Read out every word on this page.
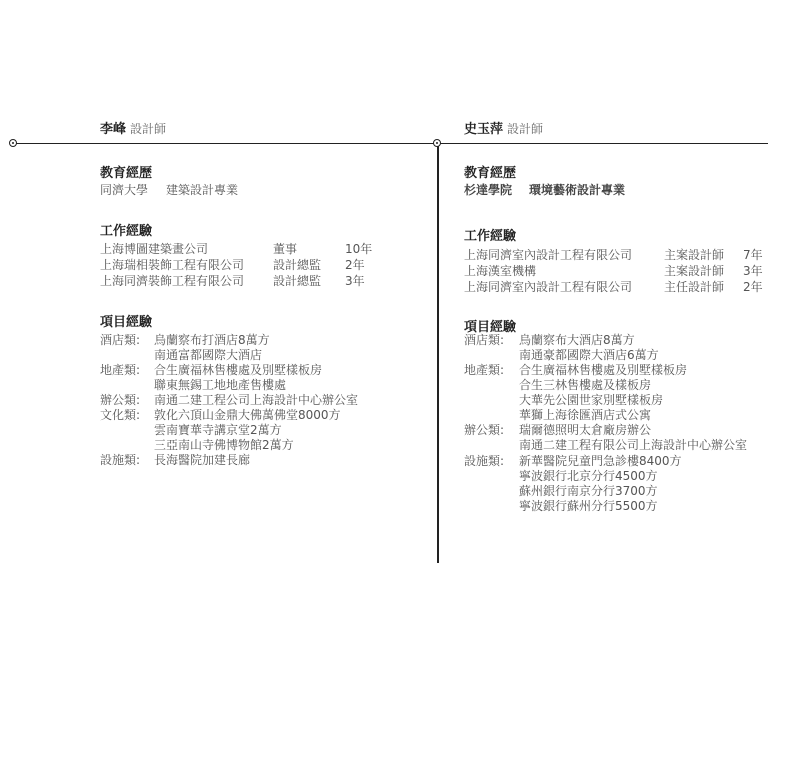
李峰 設計師
教育經歷
同濟大學 建築設計專業
工作經驗
上海博圖建築畫公司	董事	10年
上海瑞相裝飾工程有限公司 設計總監 2年
上海同濟裝飾工程有限公司 設計總監 3年
項目經驗
酒店類: 烏蘭察布打酒店8萬方
南通富都國際大酒店
地產類: 合生廣福林售樓處及別墅樣板房
聯東無錫工地地產售樓處
辦公類: 南通二建工程公司上海設計中心辦公室
文化類: 敦化六頂山金鼎大佛萬佛堂8000方
雲南寶華寺講京堂2萬方
三亞南山寺佛博物館2萬方
設施類: 長海醫院加建長廊
史玉萍 設計師
教育經歷
杉達學院 環境藝術設計專業
工作經驗
上海同濟室內設計工程有限公司	主案設計師 7年
上海漢室機構	主案設計師 3年
上海同濟室內設計工程有限公司	主任設計師 2年
項目經驗
酒店類: 烏蘭察布大酒店8萬方
南通豪都國際大酒店6萬方
地產類: 合生廣福林售樓處及別墅樣板房
合生三林售樓處及樣板房
大華先公園世家別墅樣板房
華獅上海徐匯酒店式公寓
辦公類: 瑞爾德照明太倉廠房辦公
南通二建工程有限公司上海設計中心辦公室
設施類: 新華醫院兒童門急診樓8400方
寧波銀行北京分行4500方
蘇州銀行南京分行3700方
寧波銀行蘇州分行5500方
